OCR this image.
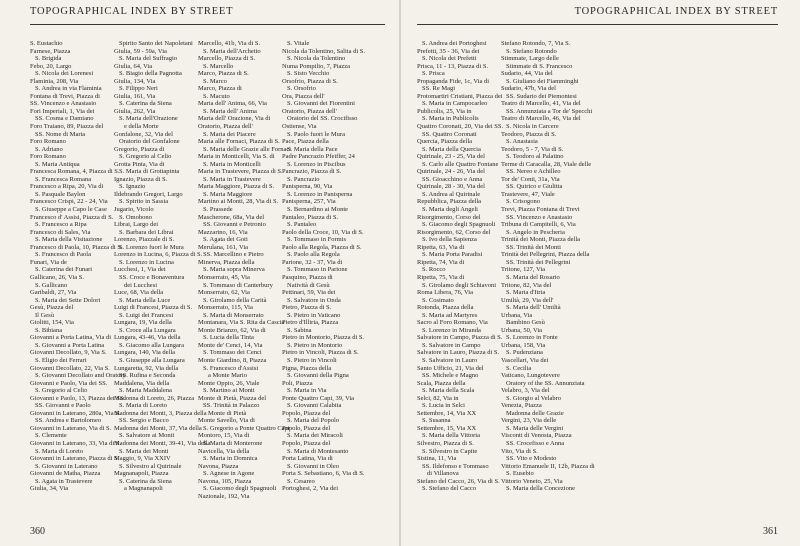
TOPOGRAPHICAL INDEX BY STREET
S. Eustachio
Farnese, Piazza
S. Brigida
Febo, 20, Largo
S. Nicola dei Lorenesi
Flaminia, 208, Via
S. Andrea in via Flaminia
Fontana di Trevi, Piazza di
SS. Vincenzo e Anastasio
Fori Imperiali, 1, Via dei
SS. Cosma e Damiano
Foro Traiano, 89, Piazza del
SS. Nome di Maria
Foro Romano
S. Adriano
Foro Romano
S. Maria Antiqua
Francesca Romana, 4, Piazza di S.
S. Francesca Romana
Francesco a Ripa, 20, Via di
S. Pasquale Baylon
Francesco Crispi, 22 - 24, Via
S. Giuseppe a Capo le Case
Francesco d' Assisi, Piazza di S.
S. Francesco a Ripa
Francesco di Sales, Via
S. Maria della Visitazione
Francesco di Paola, 10, Piazza di S.
S. Francesco di Paola
Funari, Via de
S. Caterina dei Funari
Gallicano, 26, Via S.
S. Gallicano
Garibaldi, 27, Via
S. Maria dei Sette Dolori
Gesù, Piazza del
Il Gesù
Giolitti, 154, Via
S. Bibiana
Giovanni a Porta Latina, Via di
S. Giovanni a Porta Latina
Giovanni Decollato, 9, Via S.
S. Eligio dei Ferrari
Giovanni Decollato, 22, Via S.
S. Giovanni Decollato and Oratory
Giovanni e Paolo, Via dei SS.
S. Gregorio al Celio
Giovanni e Paolo, 13, Piazza dei SS.
SS. Giovanni e Paolo
Giovanni in Laterano, 280a, Via S.
SS. Andrea e Bartolomeo
Giovanni in Laterano, Via di S.
S. Clemente
Giovanni in Laterano, 33, Via di S.
S. Maria di Loreto
Giovanni in Laterano, Piazza di S.
S. Giovanni in Laterano
Giovanni de Matha, Piazza
S. Agata in Trastevere
Giulia, 34, Via
Spirito Santo dei Napoletani
Giulia, 59 - 59a, Via
S. Maria del Suffragio
Giulia, 64, Via
S. Biagio della Pagnotta
Giulia, 134, Via
S. Filippo Neri
Giulia, 161, Via
S. Caterina da Siena
Giulia, 262, Via
S. Maria dell'Orazione
e della Morte
Gonfalone, 32, Via del
Oratorio del Gonfalone
Gregorio, Piazza di
S. Gregorio al Celio
Grotta Pinta, Via di
S. Maria di Grottapinta
Ignazio, Piazza di S.
S. Ignazio
Ildebrando Gregori, Largo
S. Spirito in Sassia
Jugario, Vicolo
S. Omobono
Librai, Largo dei
S. Barbara dei Librai
Lorenzo, Piazzale di S.
S. Lorenzo fuori le Mura
Lorenzo in Lucina, 6, Piazza di S.
S. Lorenzo in Lucina
Lucchesi, 1, Via dei
SS. Croce e Bonaventura
dei Lucchesi
Luce, 68, Via della
S. Maria della Luce
Luigi di Francesi, Piazza di S.
S. Luigi dei Francesi
Lungara, 19, Via della
S. Croce alla Lungara
Lungara, 43-46, Via della
S. Giacomo alla Lungara
Lungara, 140, Via della
S. Giuseppe alla Lungara
Lungaretta, 92, Via della
SS. Rufina e Seconda
Maddalena, Via della
S. Maria Maddalena
Madonna di Loreto, 26, Piazza
S. Maria di Loreto
Madonna dei Monti, 3, Piazza della
SS. Sergio e Bacco
Madonna dei Monti, 37, Via della
S. Salvatore ai Monti
Madonna dei Monti, 39-41, Via della
S. Maria dei Monti
Maggio, 9, Via XXIV
S. Silvestro al Quirinale
Magnanapoli, Piazza
S. Caterina da Siena
a Magnanapoli
Marcello, 41b, Via di S.
S. Maria dell'Archetto
Marcello, Piazza di S.
S. Marcello
Marco, Piazza di S.
S. Marco
Marco, Piazza di
S. Macuto
Maria dell' Anima, 66, Via
S. Maria dell' Anima
Maria dell' Orazione, Via di
Oratorio, Piazza dell'
S. Maria dei Piacere
Maria alle Fornaci, Piazza di S.
S. Maria delle Grazie alle Fornaci
Maria in Monticelli, Via S. di
S. Maria in Monticelli
Maria in Trastevere, Piazza di S.
S. Maria in Trastevere
Maria Maggiore, Piazza di S.
S. Maria Maggiore
Martino ai Monti, 28, Via di S.
S. Prassede
Mascherone, 68a, Via del
SS. Giovanni e Petronio
Mazzarino, 16, Via
S. Agata dei Goti
Merulana, 161, Via
SS. Marcellino e Pietro
Minerva, Piazza della
S. Maria sopra Minerva
Monserrato, 45, Via
S. Tommaso di Canterbury
Monserrato, 62, Via
S. Girolamo della Carità
Monserrato, 115, Via
S. Maria di Monserrato
Montanara, Via S. Rita da Cascia
Monte Brianzo, 62, Via di
S. Lucia della Tinta
Monte de' Cenci, 14, Via
S. Tommaso dei Cenci
Monte Giardino, 8, Piazza
S. Francesco d'Assisi
a Monte Mario
Monte Oppio, 26, Viale
S. Martino ai Monti
Monte di Pietà, Piazza del
SS. Trinità in Palazzo
Monte di Pietà
Monte Savello, Via di
S. Gregorio a Ponte Quattro Capi
Montoro, 15, Via di
S. Maria di Monterone
Navicella, Via della
S. Maria in Domnica
Navona, Piazza
S. Agnese in Agone
Navona, 105, Piazza
S. Giacomo degli Spagnuoli
Nazionale, 192, Via
S. Vitale
Nicola da Tolentino, Salita di S.
S. Nicola da Tolentino
Numa Pompilio, 7, Piazza
S. Sisto Vecchio
Orsofrio, Piazza di S.
S. Orsofrio
Ora, Piazza dell'
S. Giovanni dei Fiorentini
Oratorio, Piazza dell'
Oratorio del SS. Crocifisso
Ostiense, Via
S. Paolo fuori le Mura
Pace, Piazza della
S. Maria della Pace
Padre Pancrazio Pfeiffer, 24
S. Lorenzo in Piscibus
Pancrazio, Piazza di S.
S. Pancrazio
Panisperna, 90, Via
S. Lorenzo in Panisperna
Panisperna, 257, Via
S. Bernardino ai Monte
Pantaleo, Piazza di S.
S. Pantaleo
Paolo della Croce, 10, Via di S.
S. Tommaso in Formis
Paolo alla Regola, Piazza di S.
S. Paolo alla Regola
Parione, 32 - 37, Via di
S. Tommaso in Parione
Pasquino, Piazza di
Natività di Gesù
Pettinari, 59, Via dei
S. Salvatore in Onda
Pietro, Piazza di S.
S. Pietro in Vaticano
Pietro d'Illiria, Piazza
S. Sabina
Pietro in Montorio, Piazza di S.
S. Pietro in Montorio
Pietro in Vincoli, Piazza di S.
S. Pietro in Vincoli
Pigna, Piazza della
S. Giovanni della Pigna
Poli, Piazza
S. Maria in Via
Ponte Quattro Capi, 39, Via
S. Giovanni Calabita
Popolo, Piazza del
S. Maria del Popolo
Popolo, Piazza del
S. Maria dei Miracoli
Popolo, Piazza del
S. Maria di Montesanto
Porta Latina, Via di
S. Giovanni in Oleo
Porta S. Sebastiano, 6, Via di S.
S. Cesareo
Portoghesi, 2, Via dei
360
TOPOGRAPHICAL INDEX BY STREET
S. Andrea dei Portoghesi
Prefetti, 35 - 36, Via dei
S. Nicola dei Prefetti
Prisca, 11 - 13, Piazza di S.
S. Prisca
Propaganda Fide, 1c, Via di
SS. Re Magi
Protomartiri Cristiani, Piazza dei
S. Maria in Campocarleo
Publicolis, 25, Via in
S. Maria in Publicolis
Quattro Coronati, 20, Via dei SS.
SS. Quattro Coronati
Quercia, Piazza della
S. Maria della Quercia
Quirinale, 23 - 25, Via del
S. Carlo alle Quattro Fontane
Quirinale, 24 - 26, Via del
SS. Gioacchino e Anna
Quirinale, 28 - 30, Via del
S. Andrea al Quirinale
Repubblica, Piazza della
S. Maria degli Angeli
Risorgimento, Corso del
S. Giacomo degli Spagnuoli
Risorgimento, 62, Corso del
S. Ivo della Sapienza
Ripetta, 63, Via di
S. Maria Porta Paradisi
Ripetta, 74, Via di
S. Rocco
Ripetta, 75, Via di
S. Girolamo degli Schiavoni
Roma Libera, 76, Via
S. Cosimato
Rotonda, Piazza della
S. Maria ad Martyres
Sacro al Foro Romano, Via
S. Lorenzo in Miranda
Salvatore in Campo, Piazza di S.
S. Salvatore in Campo
Salvatore in Lauro, Piazza di S.
S. Salvatore in Lauro
Santo Ufficio, 21, Via del
SS. Michele e Magno
Scala, Piazza della
S. Maria della Scala
Selci, 82, Via in
S. Lucia in Selci
Settembre, 14, Via XX
S. Susanna
Settembre, 15, Via XX
S. Maria della Vittoria
Silvestro, Piazza di S.
S. Silvestro in Capite
Sistina, 11, Via
SS. Ildefonso e Tommaso
di Villanova
Stefano del Cacco, 26, Via di S.
S. Stefano del Cacco
Stefano Rotondo, 7, Via S.
S. Stefano Rotondo
Stimmate, Largo delle
Stimmate di S. Francesco
Sudario, 44, Via del
S. Giuliano dei Fiamminghi
Sudario, 47b, Via del
SS. Sudario dei Piemontesi
Teatro di Marcello, 41, Via del
SS. Annunziata a Tor de' Specchi
Teatro di Marcello, 46, Via del
S. Nicola in Carcere
Teodoro, Piazza di S.
S. Anastasia
Teodoro, 5 - 7, Via di S.
S. Teodoro al Palatino
Terme di Caracalla, 28, Viale delle
SS. Nereo e Achilleo
Tor de' Conti, 31a, Via
SS. Quirico e Giulitta
Trastevere, 47, Viale
S. Crisogono
Trevi, Piazza Fontana di Trevi
SS. Vincenzo e Anastasio
Tribuna di Campitelli, 6, Via
S. Angelo in Pescheria
Trinità dei Monti, Piazza della
SS. Trinità dei Monti
Trinità dei Pellegrini, Piazza della
SS. Trinità dei Pellegrini
Tritone, 127, Via
S. Maria del Rosario
Tritone, 82, Via del
S. Maria d'Itria
Umiltà, 29, Via dell'
S. Maria dell' Umiltà
Urbana, Via
Bambino Gesù
Urbana, 50, Via
S. Lorenzo in Fonte
Urbana, 158, Via
S. Pudenziana
Vascellari, Via dei
S. Cecilia
Vaticano, Lungotevere
Oratory of the SS. Annunziata
Velabro, 3, Via del
S. Giorgio al Velabro
Venezia, Piazza
Madonna delle Grazie
Vergini, 23, Via delle
S. Maria delle Vergini
Visconti di Venosta, Piazza
SS. Crocefisso e Anna
Vito, Via di S.
SS. Vito e Modesto
Vittorio Emanuele II, 12b, Piazza di
S. Eusebio
Vittorio Veneto, 25, Via
S. Maria della Concezione
361
